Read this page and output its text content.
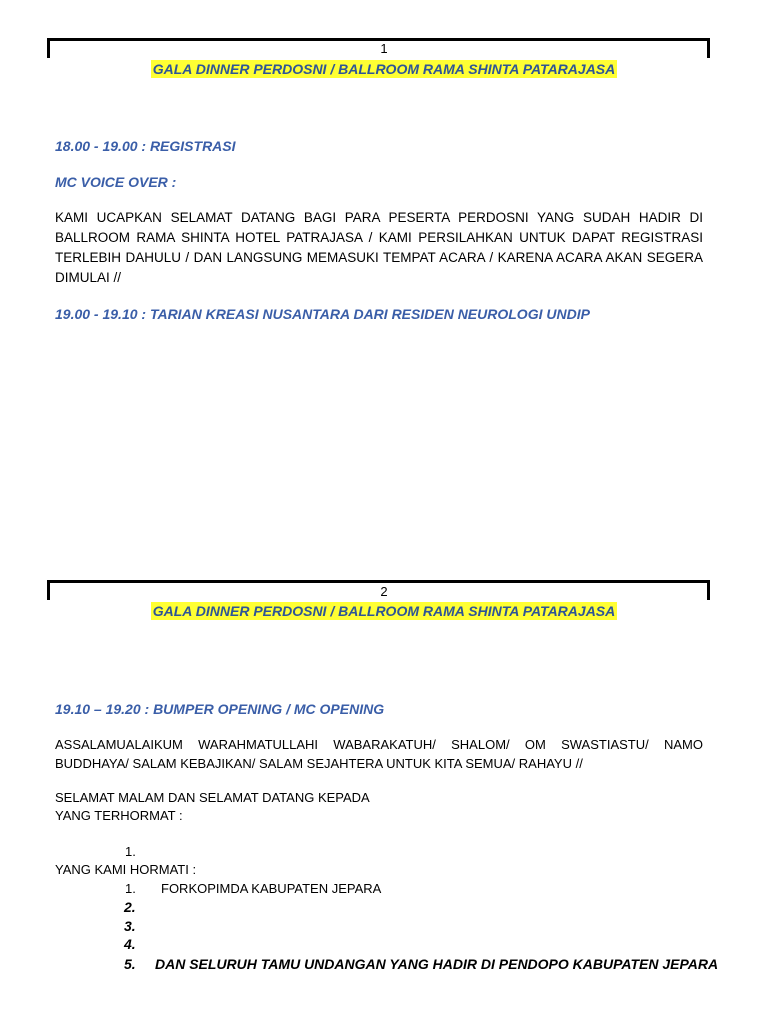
1
GALA DINNER PERDOSNI / BALLROOM RAMA SHINTA PATARAJASA
18.00 - 19.00 : REGISTRASI
MC VOICE OVER :

KAMI UCAPKAN SELAMAT DATANG BAGI PARA PESERTA PERDOSNI YANG SUDAH HADIR DI BALLROOM RAMA SHINTA HOTEL PATRAJASA / KAMI PERSILAHKAN UNTUK DAPAT REGISTRASI TERLEBIH DAHULU / DAN LANGSUNG MEMASUKI TEMPAT ACARA / KARENA ACARA AKAN SEGERA DIMULAI //

19.00 - 19.10 : TARIAN KREASI NUSANTARA DARI RESIDEN NEUROLOGI UNDIP
2
GALA DINNER PERDOSNI / BALLROOM RAMA SHINTA PATARAJASA
19.10 – 19.20 : BUMPER OPENING / MC OPENING

ASSALAMUALAIKUM WARAHMATULLAHI WABARAKATUH/ SHALOM/ OM SWASTIASTU/ NAMO BUDDHAYA/ SALAM KEBAJIKAN/ SALAM SEJAHTERA UNTUK KITA SEMUA/ RAHAYU //

SELAMAT MALAM DAN SELAMAT DATANG KEPADA
YANG TERHORMAT :
1.
YANG KAMI HORMATI :
1. FORKOPIMDA KABUPATEN JEPARA
2.
3.
4.
5. DAN SELURUH TAMU UNDANGAN YANG HADIR DI PENDOPO KABUPATEN JEPARA
